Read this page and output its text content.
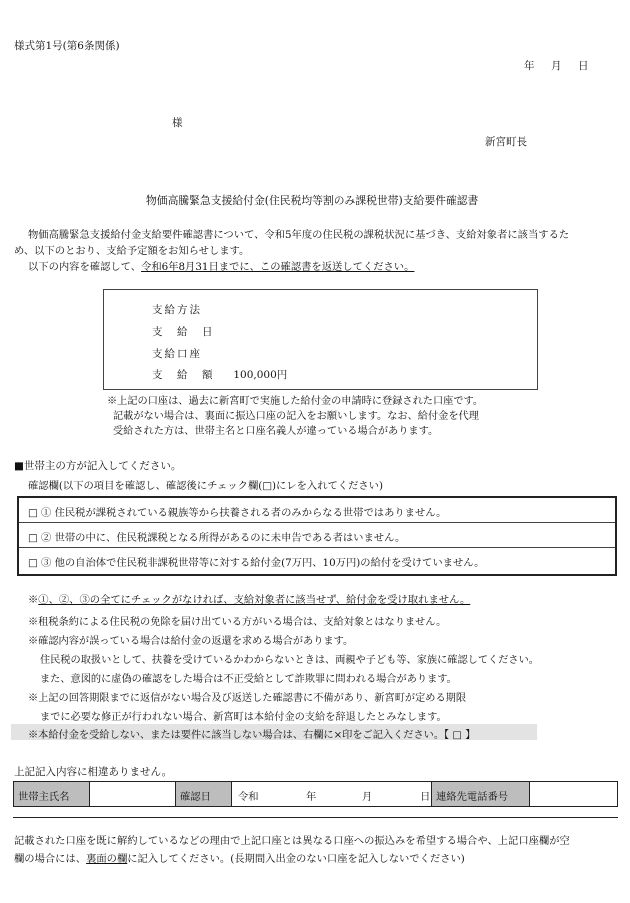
様式第1号(第6条関係)
年　月　日
様
新宮町長
物価高騰緊急支援給付金(住民税均等割のみ課税世帯)支給要件確認書
物価高騰緊急支援給付金支給要件確認書について、令和5年度の住民税の課税状況に基づき、支給対象者に該当するた
め、以下のとおり、支給予定額をお知らせします。
以下の内容を確認して、令和6年8月31日までに、この確認書を返送してください。
支給方法
支　給　日
支給口座
支　給　額 100,000円
※上記の口座は、過去に新宮町で実施した給付金の申請時に登録された口座です。
記載がない場合は、裏面に振込口座の記入をお願いします。なお、給付金を代理
受給された方は、世帯主名と口座名義人が違っている場合があります。
■世帯主の方が記入してください。
確認欄(以下の項目を確認し、確認後にチェック欄(□)にレを入れてください)
□ ① 住民税が課税されている親族等から扶養される者のみからなる世帯ではありません。
□ ② 世帯の中に、住民税課税となる所得があるのに未申告である者はいません。
□ ③ 他の自治体で住民税非課税世帯等に対する給付金(7万円、10万円)の給付を受けていません。
※①、②、③の全てにチェックがなければ、支給対象者に該当せず、給付金を受け取れません。
※租税条約による住民税の免除を届け出ている方がいる場合は、支給対象とはなりません。
※確認内容が誤っている場合は給付金の返還を求める場合があります。
住民税の取扱いとして、扶養を受けているかわからないときは、両親や子ども等、家族に確認してください。
また、意図的に虚偽の確認をした場合は不正受給として詐欺罪に問われる場合があります。
※上記の回答期限までに返信がない場合及び返送した確認書に不備があり、新宮町が定める期限
までに必要な修正が行われない場合、新宮町は本給付金の支給を辞退したとみなします。
※本給付金を受給しない、または要件に該当しない場合は、右欄に×印をご記入ください。【 □ 】
上記記入内容に相違ありません。
世帯主氏名	確認日	令和	年	月	日 連絡先電話番号
記載された口座を既に解約しているなどの理由で上記口座とは異なる口座への振込みを希望する場合や、上記口座欄が空
欄の場合には、裏面の欄に記入してください。(長期間入出金のない口座を記入しないでください)
